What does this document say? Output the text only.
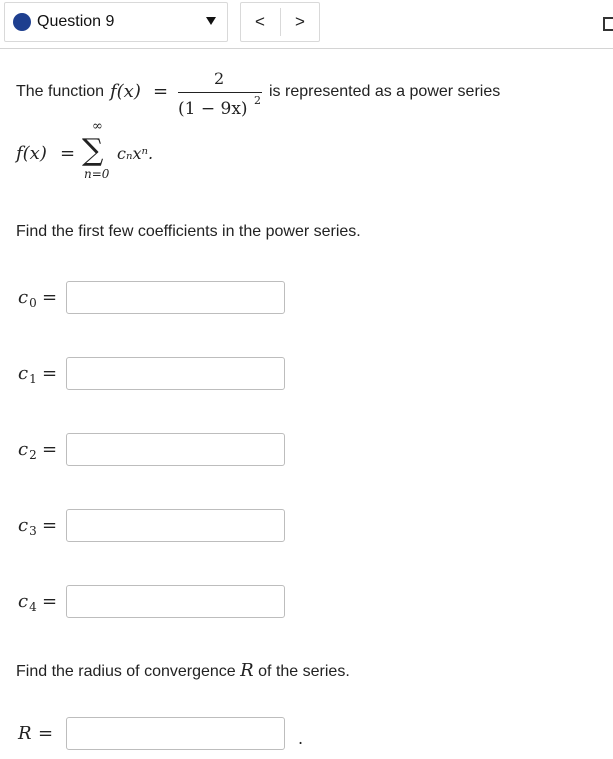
Question 9	<	>
The function f(x) =
2
(1 − 9x) 2
is represented as a power series
f(x) =
∞
∑
n=0
cₙxⁿ.
Find the first few coefficients in the power series.
$c_0$ =
$c_1$ =
$c_2$ =
$c_3$ =
$c_4$ =
Find the radius of convergence R of the series.
R =	.
